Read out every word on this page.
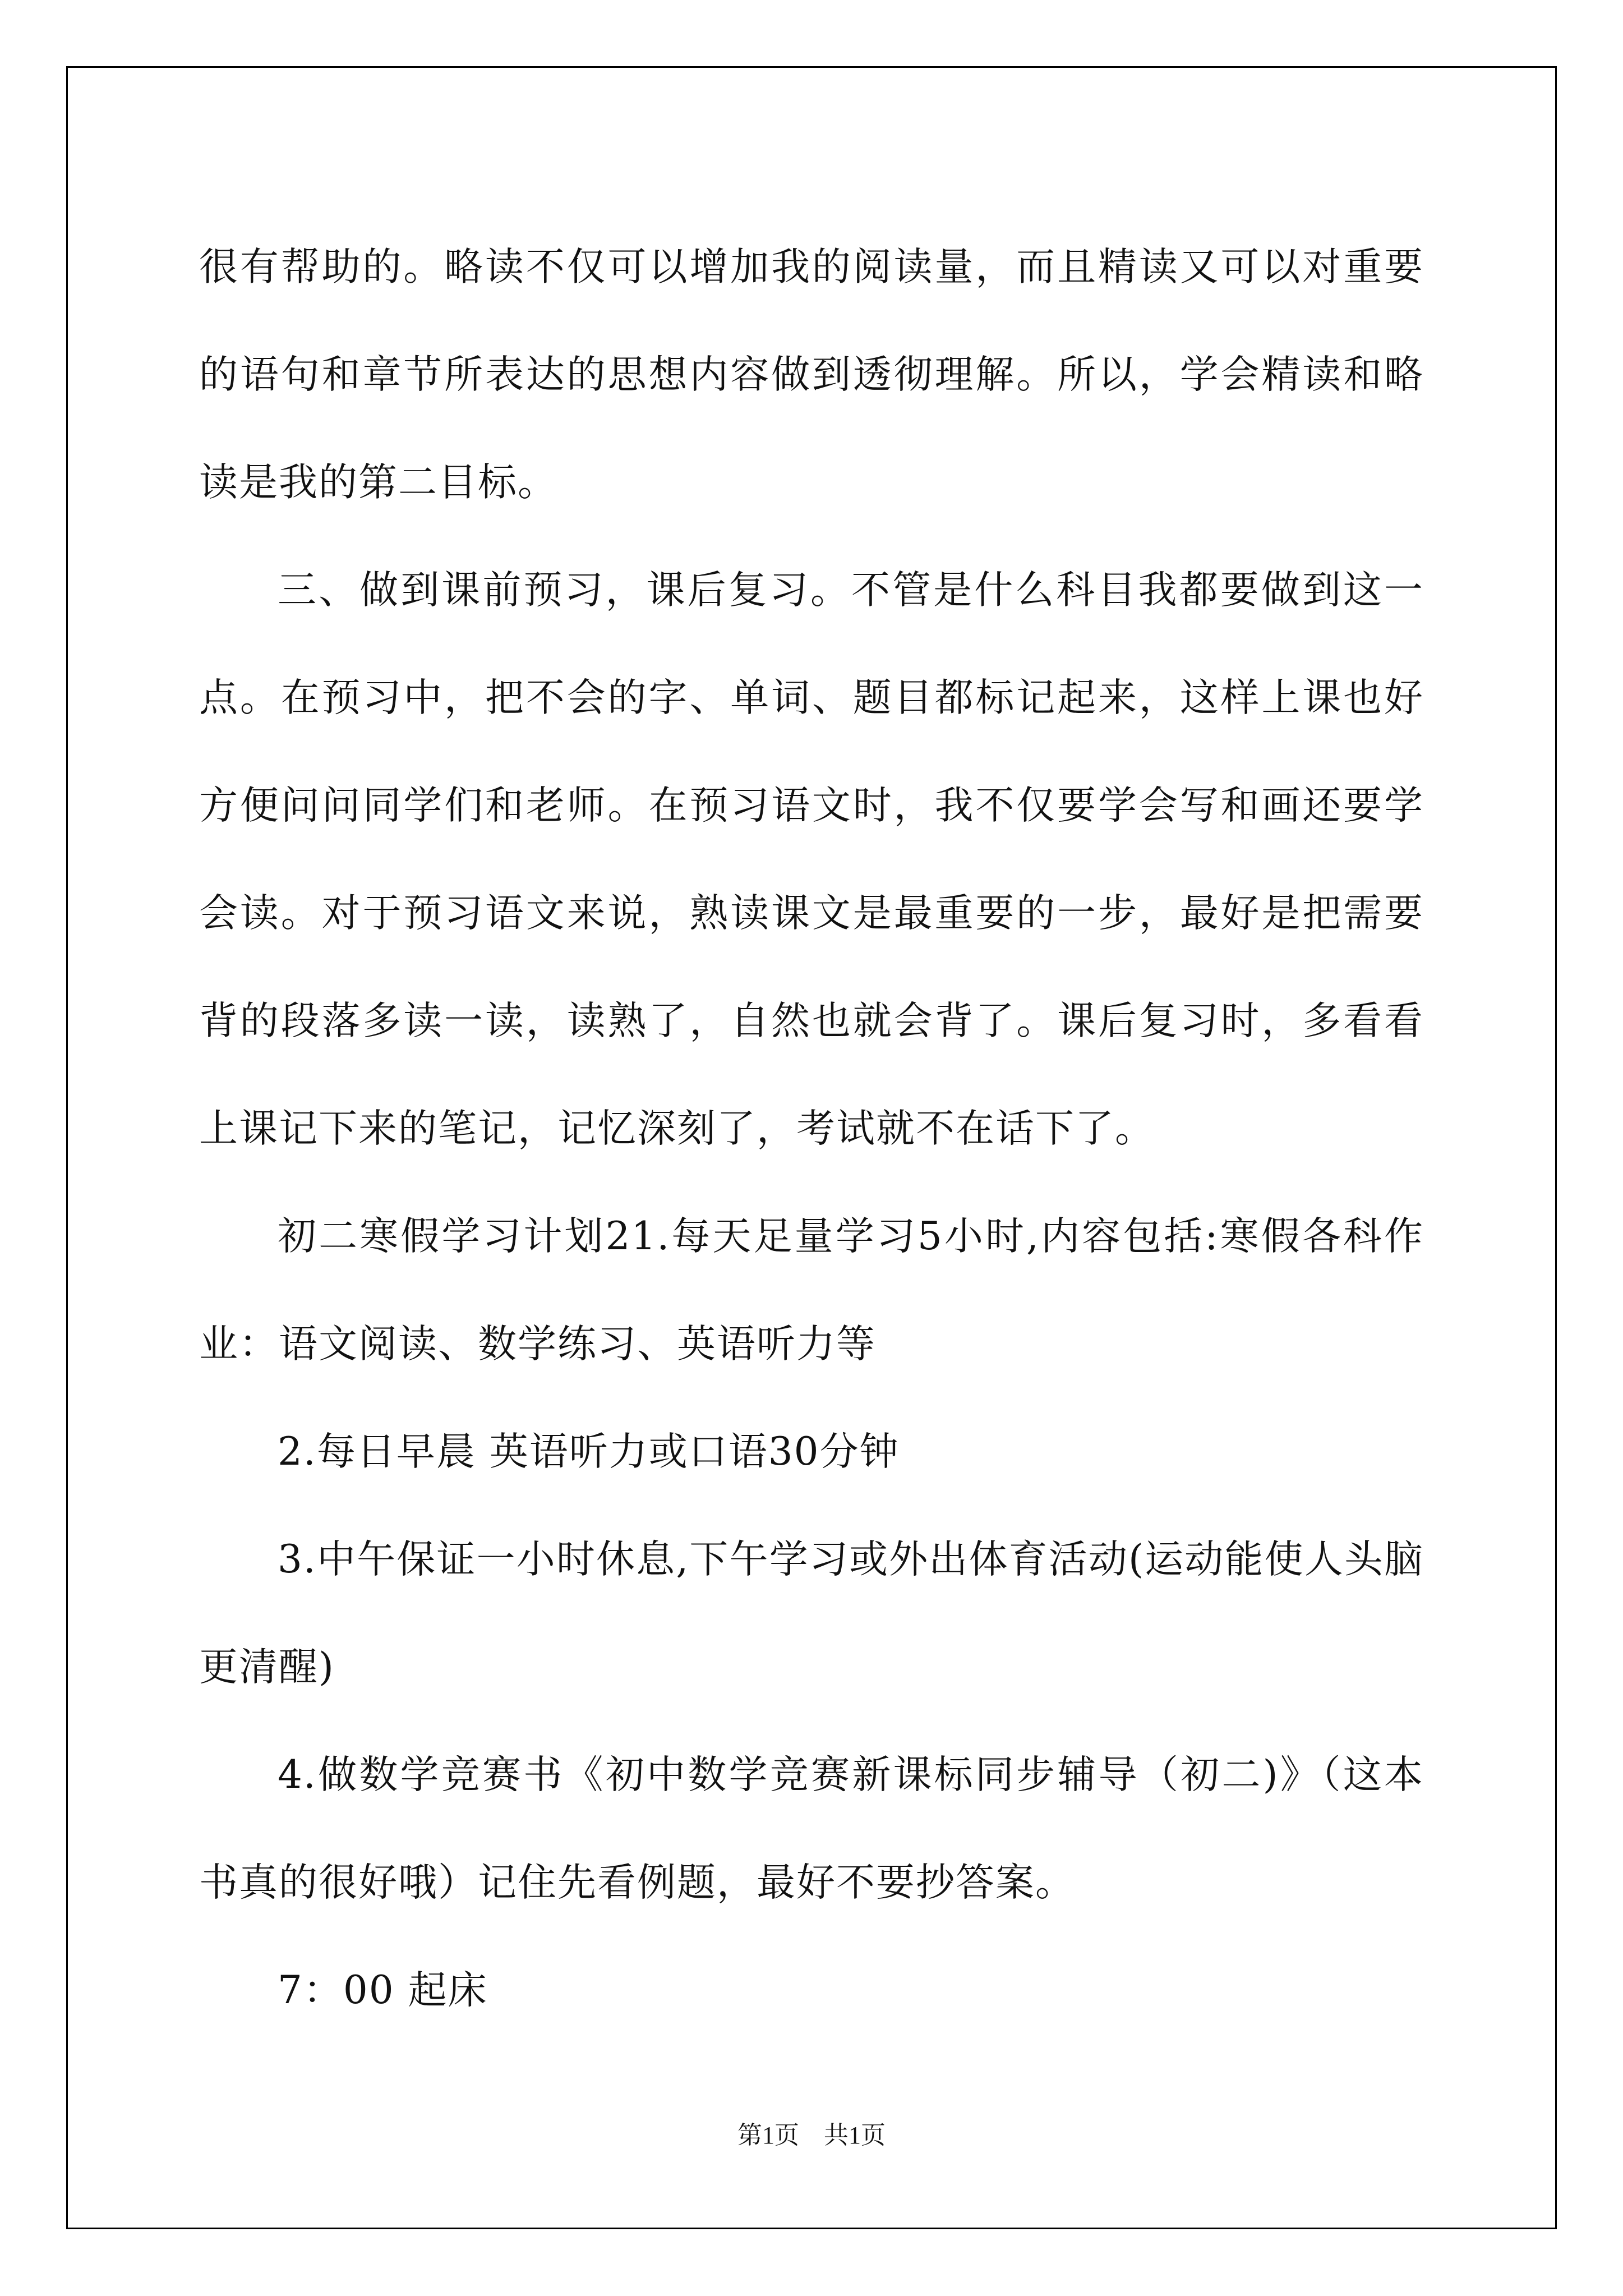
很有帮助的。略读不仅可以增加我的阅读量，而且精读又可以对重要的语句和章节所表达的思想内容做到透彻理解。所以，学会精读和略读是我的第二目标。

三、做到课前预习，课后复习。不管是什么科目我都要做到这一点。在预习中，把不会的字、单词、题目都标记起来，这样上课也好方便问问同学们和老师。在预习语文时，我不仅要学会写和画还要学会读。对于预习语文来说，熟读课文是最重要的一步，最好是把需要背的段落多读一读，读熟了，自然也就会背了。课后复习时，多看看上课记下来的笔记，记忆深刻了，考试就不在话下了。

初二寒假学习计划21.每天足量学习5小时,内容包括:寒假各科作业：语文阅读、数学练习、英语听力等

2.每日早晨 英语听力或口语30分钟

3.中午保证一小时休息,下午学习或外出体育活动(运动能使人头脑更清醒)

4.做数学竞赛书《初中数学竞赛新课标同步辅导（初二)》（这本书真的很好哦）记住先看例题，最好不要抄答案。

7：00 起床

第1页 共1页
